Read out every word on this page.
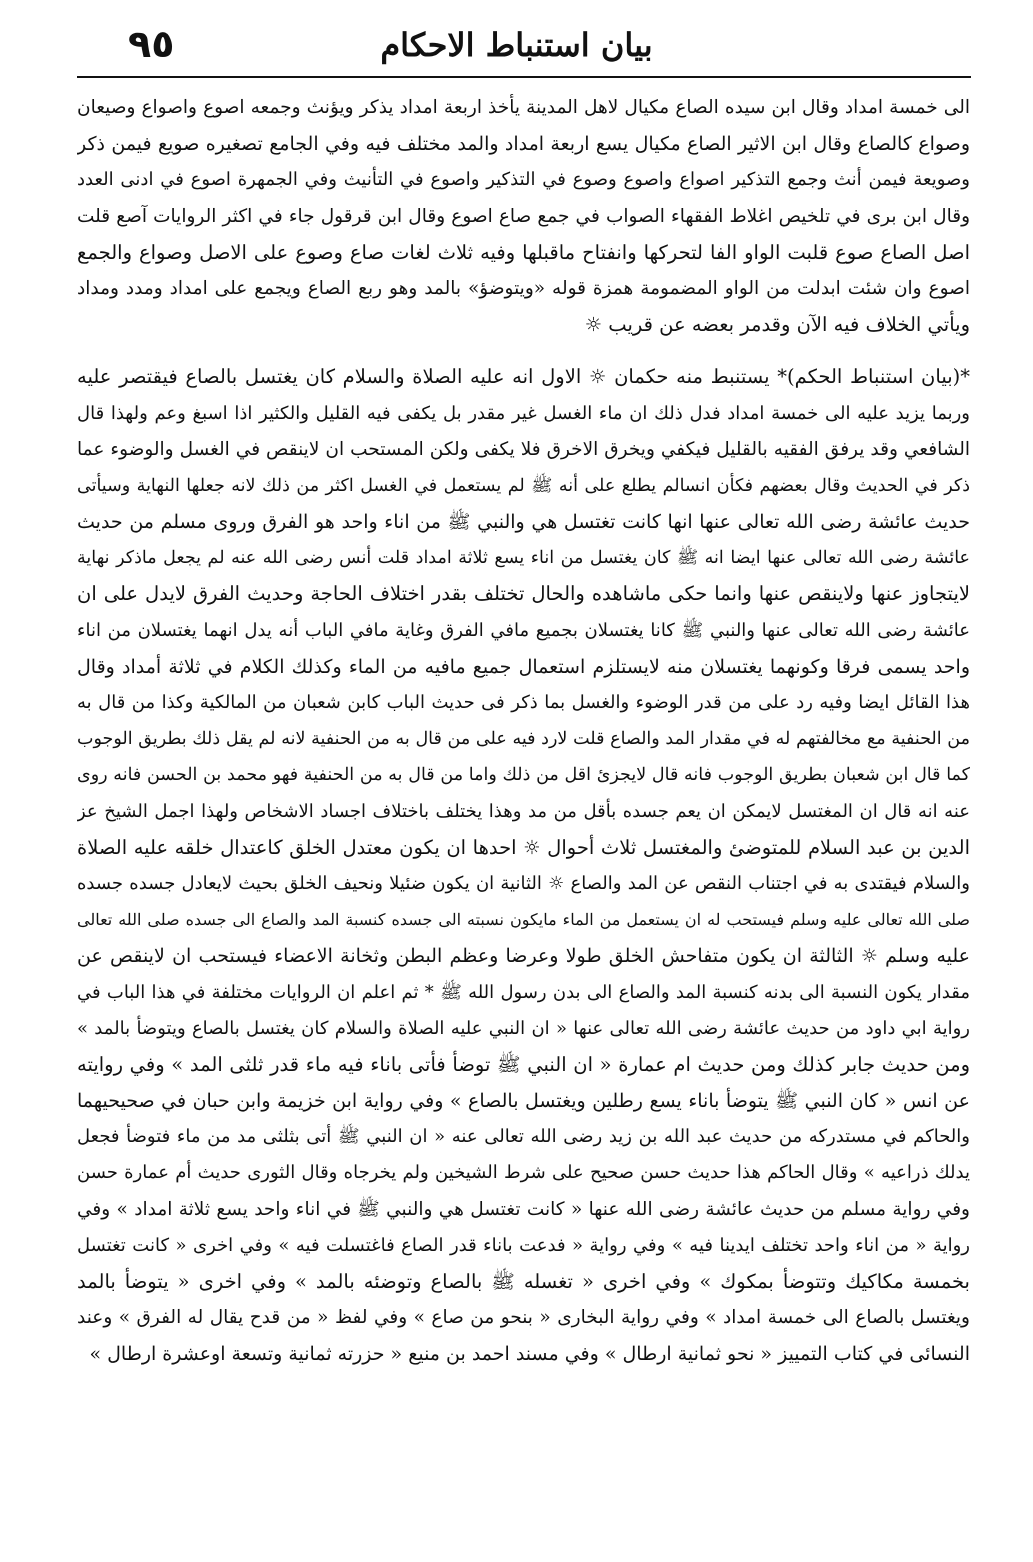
٩٥	بيان استنباط الاحكام
الى خمسة امداد وقال ابن سيده الصاع مكيال لاهل المدينة يأخذ اربعة امداد يذكر ويؤنث وجمعه اصوع واصواع وصيعان
وصواع كالصاع وقال ابن الاثير الصاع مكيال يسع اربعة امداد والمد مختلف فيه وفي الجامع تصغيره صويع فيمن ذكر
وصويعة فيمن أنث وجمع التذكير اصواع واصوع وصوع في التذكير واصوع في التأنيث وفي الجمهرة اصوع في ادنى العدد
وقال ابن برى في تلخيص اغلاط الفقهاء الصواب في جمع صاع اصوع وقال ابن قرقول جاء في اكثر الروايات آصع قلت
اصل الصاع صوع قلبت الواو الفا لتحركها وانفتاح ماقبلها وفيه ثلاث لغات صاع وصوع على الاصل وصواع والجمع
اصوع وان شئت ابدلت من الواو المضمومة همزة قوله «ويتوضؤ» بالمد وهو ربع الصاع ويجمع على امداد ومدد ومداد
ويأتي الخلاف فيه الآن وقدمر بعضه عن قريب ☼
*(بيان استنباط الحكم)* يستنبط منه حكمان ☼ الاول انه عليه الصلاة والسلام كان يغتسل بالصاع فيقتصر عليه
وربما يزيد عليه الى خمسة امداد فدل ذلك ان ماء الغسل غير مقدر بل يكفى فيه القليل والكثير اذا اسبغ وعم ولهذا قال
الشافعي وقد يرفق الفقيه بالقليل فيكفي ويخرق الاخرق فلا يكفى ولكن المستحب ان لاينقص في الغسل والوضوء عما
ذكر في الحديث وقال بعضهم فكأن انسالم يطلع على أنه ﷺ لم يستعمل في الغسل اكثر من ذلك لانه جعلها النهاية وسيأتى
حديث عائشة رضى الله تعالى عنها انها كانت تغتسل هي والنبي ﷺ من اناء واحد هو الفرق وروى مسلم من حديث
عائشة رضى الله تعالى عنها ايضا انه ﷺ كان يغتسل من اناء يسع ثلاثة امداد قلت أنس رضى الله عنه لم يجعل ماذكر نهاية
لايتجاوز عنها ولاينقص عنها وانما حكى ماشاهده والحال تختلف بقدر اختلاف الحاجة وحديث الفرق لايدل على ان
عائشة رضى الله تعالى عنها والنبي ﷺ كانا يغتسلان بجميع مافي الفرق وغاية مافي الباب أنه يدل انهما يغتسلان من اناء
واحد يسمى فرقا وكونهما يغتسلان منه لايستلزم استعمال جميع مافيه من الماء وكذلك الكلام في ثلاثة أمداد وقال
هذا القائل ايضا وفيه رد على من قدر الوضوء والغسل بما ذكر فى حديث الباب كابن شعبان من المالكية وكذا من قال به
من الحنفية مع مخالفتهم له في مقدار المد والصاع قلت لارد فيه على من قال به من الحنفية لانه لم يقل ذلك بطريق الوجوب
كما قال ابن شعبان بطريق الوجوب فانه قال لايجزئ اقل من ذلك واما من قال به من الحنفية فهو محمد بن الحسن فانه روى
عنه انه قال ان المغتسل لايمكن ان يعم جسده بأقل من مد وهذا يختلف باختلاف اجساد الاشخاص ولهذا اجمل الشيخ عز
الدين بن عبد السلام للمتوضئ والمغتسل ثلاث أحوال ☼ احدها ان يكون معتدل الخلق كاعتدال خلقه عليه الصلاة
والسلام فيقتدى به في اجتناب النقص عن المد والصاع ☼ الثانية ان يكون ضئيلا ونحيف الخلق بحيث لايعادل جسده جسده
صلى الله تعالى عليه وسلم فيستحب له ان يستعمل من الماء مايكون نسبته الى جسده كنسبة المد والصاع الى جسده صلى الله تعالى
عليه وسلم ☼ الثالثة ان يكون متفاحش الخلق طولا وعرضا وعظم البطن وثخانة الاعضاء فيستحب ان لاينقص عن
مقدار يكون النسبة الى بدنه كنسبة المد والصاع الى بدن رسول الله ﷺ * ثم اعلم ان الروايات مختلفة في هذا الباب في
رواية ابي داود من حديث عائشة رضى الله تعالى عنها « ان النبي عليه الصلاة والسلام كان يغتسل بالصاع ويتوضأ بالمد »
ومن حديث جابر كذلك ومن حديث ام عمارة « ان النبي ﷺ توضأ فأتى باناء فيه ماء قدر ثلثى المد » وفي روايته
عن انس « كان النبي ﷺ يتوضأ باناء يسع رطلين ويغتسل بالصاع » وفي رواية ابن خزيمة وابن حبان في صحيحيهما
والحاكم في مستدركه من حديث عبد الله بن زيد رضى الله تعالى عنه « ان النبي ﷺ أتى بثلثى مد من ماء فتوضأ فجعل
يدلك ذراعيه » وقال الحاكم هذا حديث حسن صحيح على شرط الشيخين ولم يخرجاه وقال الثورى حديث أم عمارة حسن
وفي رواية مسلم من حديث عائشة رضى الله عنها « كانت تغتسل هي والنبي ﷺ في اناء واحد يسع ثلاثة امداد » وفي
رواية « من اناء واحد تختلف ايدينا فيه » وفي رواية « فدعت باناء قدر الصاع فاغتسلت فيه » وفي اخرى « كانت تغتسل
بخمسة مكاكيك وتتوضأ بمكوك » وفي اخرى « تغسله ﷺ بالصاع وتوضئه بالمد » وفي اخرى « يتوضأ بالمد
ويغتسل بالصاع الى خمسة امداد » وفي رواية البخارى « بنحو من صاع » وفي لفظ « من قدح يقال له الفرق » وعند
النسائى في كتاب التمييز « نحو ثمانية ارطال » وفي مسند احمد بن منيع « حزرته ثمانية وتسعة اوعشرة ارطال »
